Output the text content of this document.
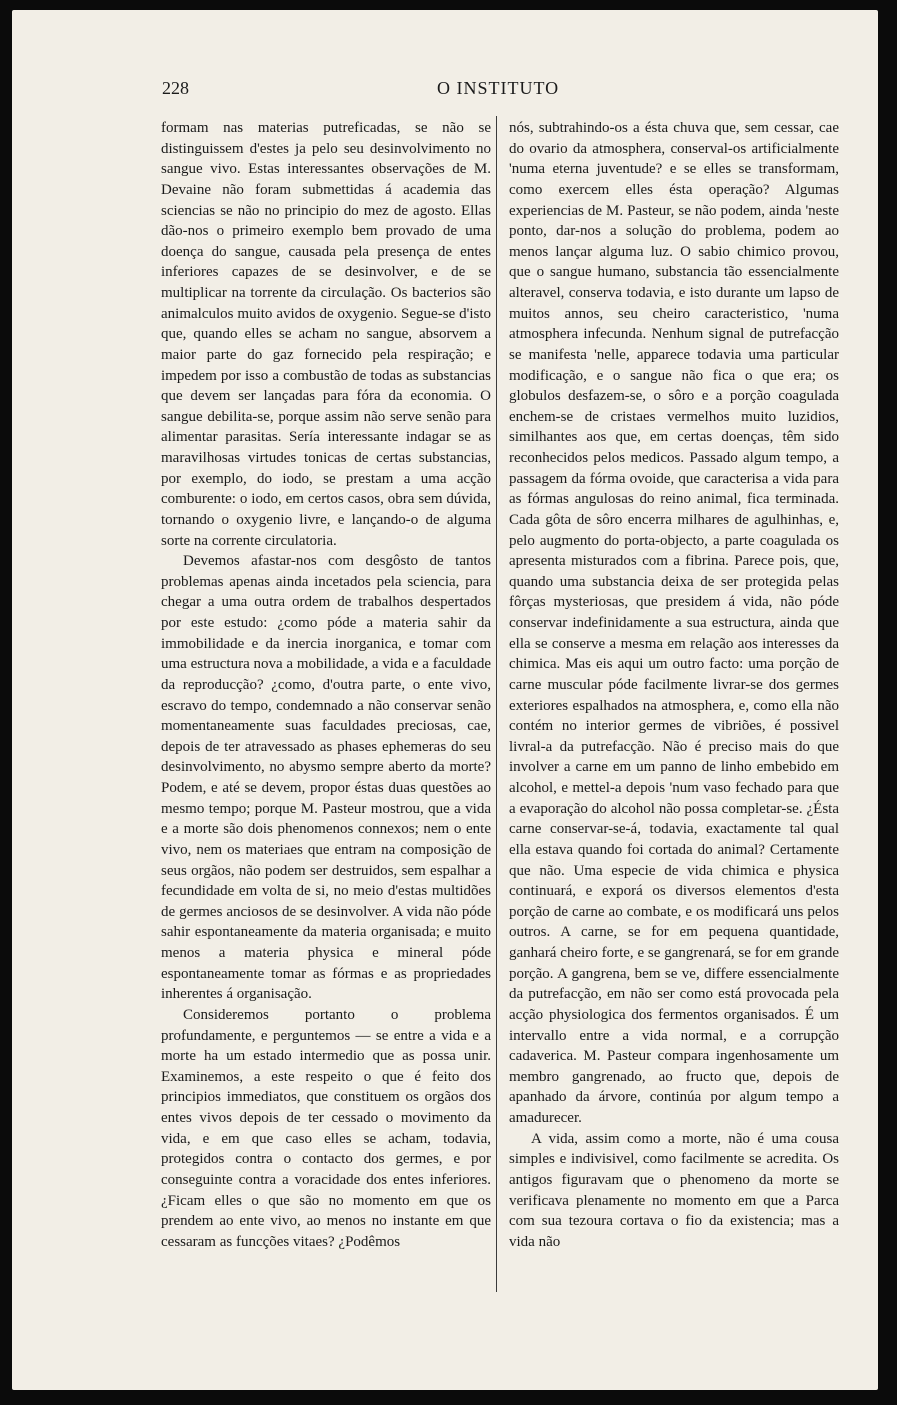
228	O INSTITUTO

formam nas materias putreficadas, se não se distinguissem d'estes ja pelo seu desinvolvimento no sangue vivo. Estas interessantes observações de M. Devaine não foram submettidas á academia das sciencias se não no principio do mez de agosto. Ellas dão-nos o primeiro exemplo bem provado de uma doença do sangue, causada pela presença de entes inferiores capazes de se desinvolver, e de se multiplicar na torrente da circulação. Os bacterios são animalculos muito avidos de oxygenio. Segue-se d'isto que, quando elles se acham no sangue, absorvem a maior parte do gaz fornecido pela respiração; e impedem por isso a combustão de todas as substancias que devem ser lançadas para fóra da economia. O sangue debilita-se, porque assim não serve senão para alimentar parasitas. Sería interessante indagar se as maravilhosas virtudes tonicas de certas substancias, por exemplo, do iodo, se prestam a uma acção comburente: o iodo, em certos casos, obra sem dúvida, tornando o oxygenio livre, e lançando-o de alguma sorte na corrente circulatoria.

Devemos afastar-nos com desgôsto de tantos problemas apenas ainda incetados pela sciencia, para chegar a uma outra ordem de trabalhos despertados por este estudo: ¿como póde a materia sahir da immobilidade e da inercia inorganica, e tomar com uma estructura nova a mobilidade, a vida e a faculdade da reproducção? ¿como, d'outra parte, o ente vivo, escravo do tempo, condemnado a não conservar senão momentaneamente suas faculdades preciosas, cae, depois de ter atravessado as phases ephemeras do seu desinvolvimento, no abysmo sempre aberto da morte? Podem, e até se devem, propor éstas duas questões ao mesmo tempo; porque M. Pasteur mostrou, que a vida e a morte são dois phenomenos connexos; nem o ente vivo, nem os materiaes que entram na composição de seus orgãos, não podem ser destruidos, sem espalhar a fecundidade em volta de si, no meio d'estas multidões de germes anciosos de se desinvolver. A vida não póde sahir espontaneamente da materia organisada; e muito menos a materia physica e mineral póde espontaneamente tomar as fórmas e as propriedades inherentes á organisação.

Consideremos portanto o problema profundamente, e perguntemos — se entre a vida e a morte ha um estado intermedio que as possa unir. Examinemos, a este respeito o que é feito dos principios immediatos, que constituem os orgãos dos entes vivos depois de ter cessado o movimento da vida, e em que caso elles se acham, todavia, protegidos contra o contacto dos germes, e por conseguinte contra a voracidade dos entes inferiores. ¿Ficam elles o que são no momento em que os prendem ao ente vivo, ao menos no instante em que cessaram as funcções vitaes? ¿Podêmos

nós, subtrahindo-os a ésta chuva que, sem cessar, cae do ovario da atmosphera, conserval-os artificialmente 'numa eterna juventude? e se elles se transformam, como exercem elles ésta operação? Algumas experiencias de M. Pasteur, se não podem, ainda 'neste ponto, dar-nos a solução do problema, podem ao menos lançar alguma luz. O sabio chimico provou, que o sangue humano, substancia tão essencialmente alteravel, conserva todavia, e isto durante um lapso de muitos annos, seu cheiro caracteristico, 'numa atmosphera infecunda. Nenhum signal de putrefacção se manifesta 'nelle, apparece todavia uma particular modificação, e o sangue não fica o que era; os globulos desfazem-se, o sôro e a porção coagulada enchem-se de cristaes vermelhos muito luzidios, similhantes aos que, em certas doenças, têm sido reconhecidos pelos medicos. Passado algum tempo, a passagem da fórma ovoide, que caracterisa a vida para as fórmas angulosas do reino animal, fica terminada. Cada gôta de sôro encerra milhares de agulhinhas, e, pelo augmento do porta-objecto, a parte coagulada os apresenta misturados com a fibrina. Parece pois, que, quando uma substancia deixa de ser protegida pelas fôrças mysteriosas, que presidem á vida, não póde conservar indefinidamente a sua estructura, ainda que ella se conserve a mesma em relação aos interesses da chimica. Mas eis aqui um outro facto: uma porção de carne muscular póde facilmente livrar-se dos germes exteriores espalhados na atmosphera, e, como ella não contém no interior germes de vibriões, é possivel livral-a da putrefacção. Não é preciso mais do que involver a carne em um panno de linho embebido em alcohol, e mettel-a depois 'num vaso fechado para que a evaporação do alcohol não possa completar-se. ¿Ésta carne conservar-se-á, todavia, exactamente tal qual ella estava quando foi cortada do animal? Certamente que não. Uma especie de vida chimica e physica continuará, e exporá os diversos elementos d'esta porção de carne ao combate, e os modificará uns pelos outros. A carne, se for em pequena quantidade, ganhará cheiro forte, e se gangrenará, se for em grande porção. A gangrena, bem se ve, differe essencialmente da putrefacção, em não ser como está provocada pela acção physiologica dos fermentos organisados. É um intervallo entre a vida normal, e a corrupção cadaverica. M. Pasteur compara ingenhosamente um membro gangrenado, ao fructo que, depois de apanhado da árvore, continúa por algum tempo a amadurecer.

A vida, assim como a morte, não é uma cousa simples e indivisivel, como facilmente se acredita. Os antigos figuravam que o phenomeno da morte se verificava plenamente no momento em que a Parca com sua tezoura cortava o fio da existencia; mas a vida não
